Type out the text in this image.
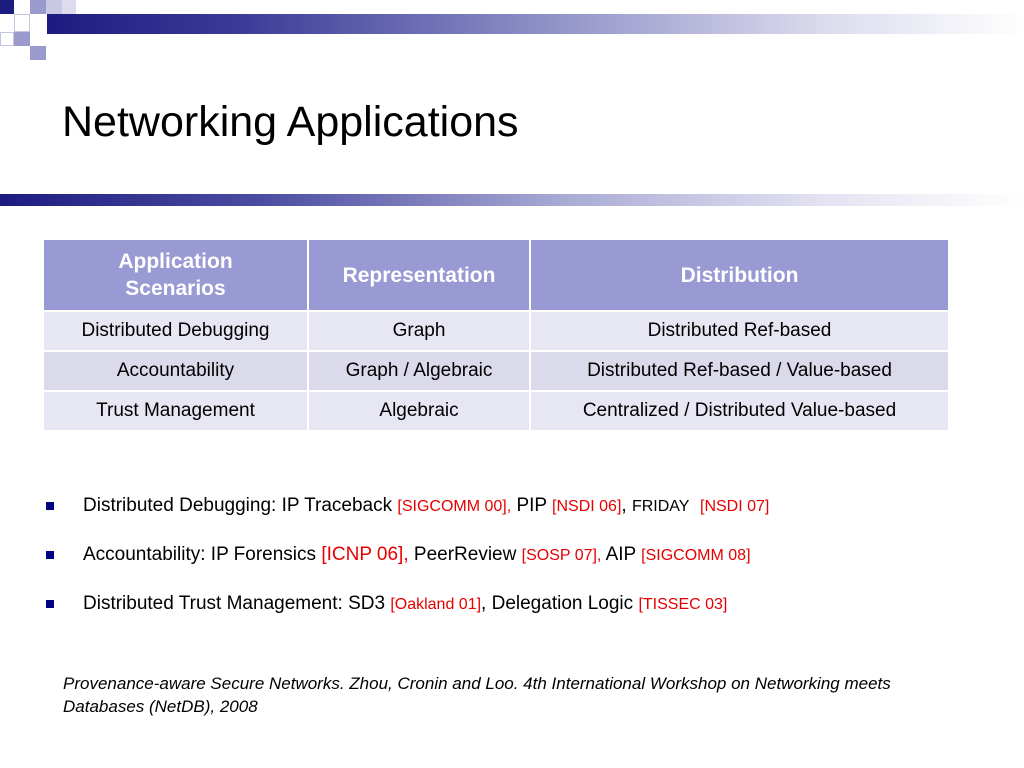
Networking Applications
Application Scenarios	Representation	Distribution
Distributed Debugging	Graph	Distributed Ref-based
Accountability	Graph / Algebraic	Distributed Ref-based / Value-based
Trust Management	Algebraic	Centralized / Distributed Value-based
Distributed Debugging: IP Traceback [SIGCOMM 00], PIP [NSDI 06], FRIDAY [NSDI 07]
Accountability: IP Forensics [ICNP 06], PeerReview [SOSP 07], AIP [SIGCOMM 08]
Distributed Trust Management: SD3 [Oakland 01], Delegation Logic [TISSEC 03]

Provenance-aware Secure Networks. Zhou, Cronin and Loo. 4th International Workshop on Networking meets Databases (NetDB), 2008
